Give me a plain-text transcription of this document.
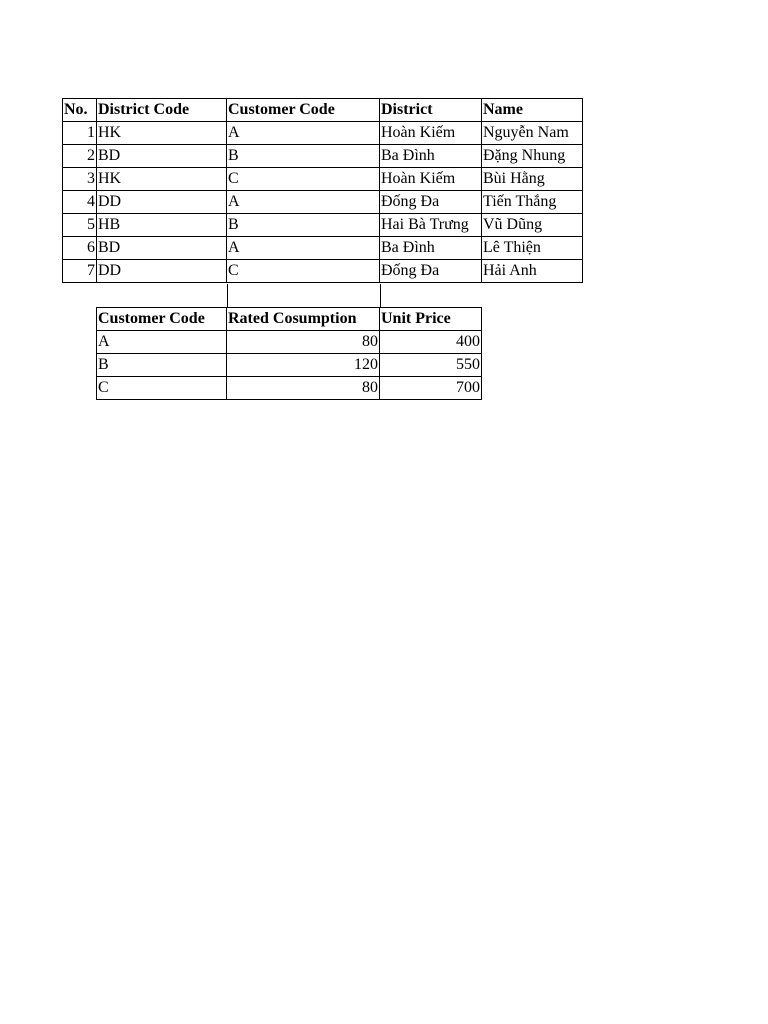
No.	District Code	Customer Code	District	Name
1	HK	A	Hoàn Kiếm	Nguyễn Nam
2	BD	B	Ba Đình	Đặng Nhung
3	HK	C	Hoàn Kiếm	Bùi Hằng
4	DD	A	Đống Đa	Tiến Thắng
5	HB	B	Hai Bà Trưng	Vũ Dũng
6	BD	A	Ba Đình	Lê Thiện
7	DD	C	Đống Đa	Hải Anh
Customer Code	Rated Cosumption	Unit Price
A	80	400
B	120	550
C	80	700
